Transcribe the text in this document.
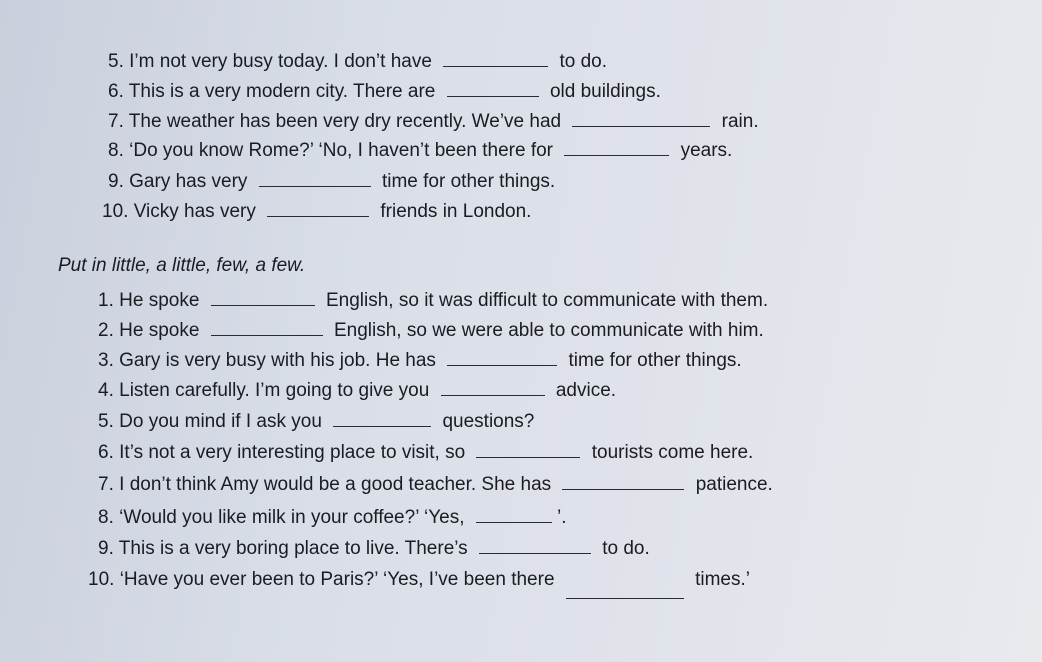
5. I’m not very busy today. I don’t have	to do.
6. This is a very modern city. There are	old buildings.
7. The weather has been very dry recently. We’ve had	rain.
8. ‘Do you know Rome?’ ‘No, I haven’t been there for	years.
9. Gary has very	time for other things.
10. Vicky has very	friends in London.
Put in little, a little, few, a few.
1. He spoke	English, so it was difficult to communicate with them.
2. He spoke	English, so we were able to communicate with him.
3. Gary is very busy with his job. He has	time for other things.
4. Listen carefully. I’m going to give you	advice.
5. Do you mind if I ask you	questions?
6. It’s not a very interesting place to visit, so	tourists come here.
7. I don’t think Amy would be a good teacher. She has	patience.
8. ‘Would you like milk in your coffee?’ ‘Yes,	’.
9. This is a very boring place to live. There’s	to do.
10. ‘Have you ever been to Paris?’ ‘Yes, I’ve been there	times.’
